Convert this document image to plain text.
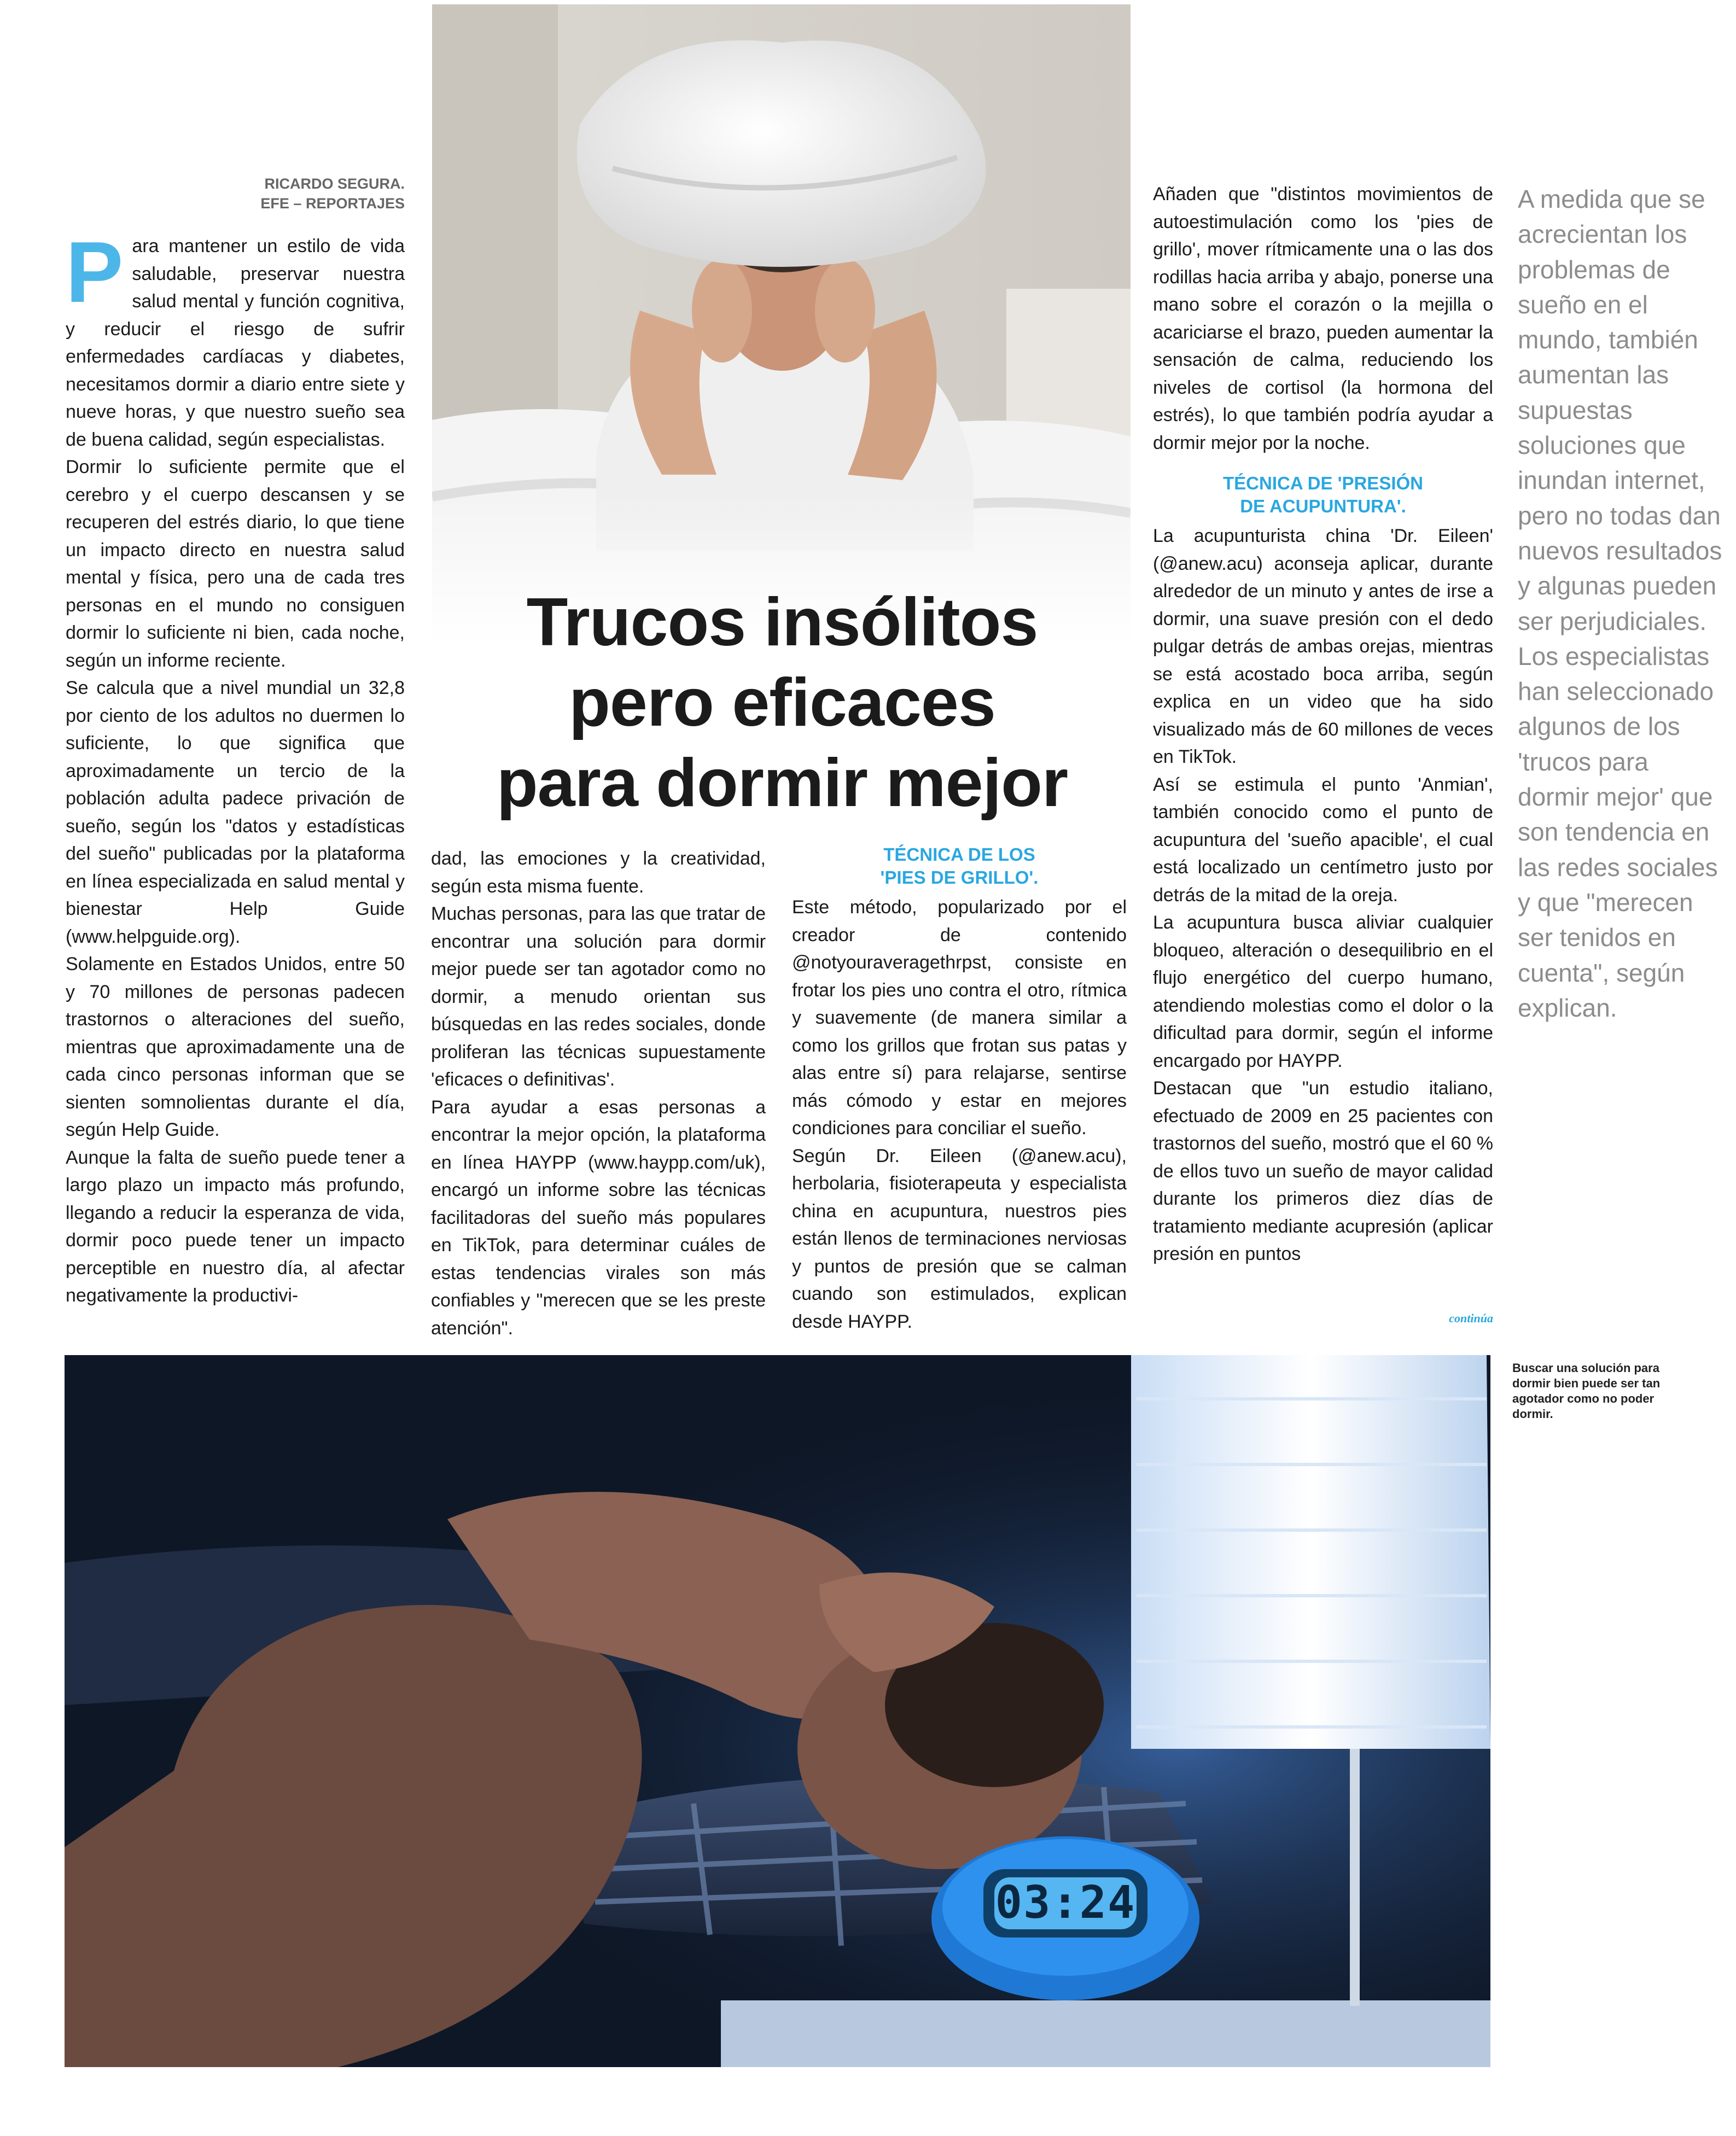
RICARDO SEGURA.
EFE – REPORTAJES
P ara mantener un estilo de vida saludable, preservar nuestra salud mental y función cognitiva, y reducir el riesgo de sufrir enfermedades cardíacas y diabetes, necesitamos dormir a diario entre siete y nueve horas, y que nuestro sueño sea de buena calidad, según especialistas.

Dormir lo suficiente permite que el cerebro y el cuerpo descansen y se recuperen del estrés diario, lo que tiene un impacto directo en nuestra salud mental y física, pero una de cada tres personas en el mundo no consiguen dormir lo suficiente ni bien, cada noche, según un informe reciente.

Se calcula que a nivel mundial un 32,8 por ciento de los adultos no duermen lo suficiente, lo que significa que aproximadamente un tercio de la población adulta padece privación de sueño, según los "datos y estadísticas del sueño" publicadas por la plataforma en línea especializada en salud mental y bienestar Help Guide (www.helpguide.org).

Solamente en Estados Unidos, entre 50 y 70 millones de personas padecen trastornos o alteraciones del sueño, mientras que aproximadamente una de cada cinco personas informan que se sienten somnolientas durante el día, según Help Guide.

Aunque la falta de sueño puede tener a largo plazo un impacto más profundo, llegando a reducir la esperanza de vida, dormir poco puede tener un impacto perceptible en nuestro día, al afectar negativamente la productivi-

Trucos insólitos
pero eficaces
para dormir mejor

dad, las emociones y la creatividad, según esta misma fuente.

Muchas personas, para las que tratar de encontrar una solución para dormir mejor puede ser tan agotador como no dormir, a menudo orientan sus búsquedas en las redes sociales, donde proliferan las técnicas supuestamente 'eficaces o definitivas'.

Para ayudar a esas personas a encontrar la mejor opción, la plataforma en línea HAYPP (www.haypp.com/uk), encargó un informe sobre las técnicas facilitadoras del sueño más populares en TikTok, para determinar cuáles de estas tendencias virales son más confiables y "merecen que se les preste atención".

TÉCNICA DE LOS
'PIES DE GRILLO'.

Este método, popularizado por el creador de contenido @notyouraveragethrpst, consiste en frotar los pies uno contra el otro, rítmica y suavemente (de manera similar a como los grillos que frotan sus patas y alas entre sí) para relajarse, sentirse más cómodo y estar en mejores condiciones para conciliar el sueño.

Según Dr. Eileen (@anew.acu), herbolaria, fisioterapeuta y especialista china en acupuntura, nuestros pies están llenos de terminaciones nerviosas y puntos de presión que se calman cuando son estimulados, explican desde HAYPP.

Añaden que "distintos movimientos de autoestimulación como los 'pies de grillo', mover rítmicamente una o las dos rodillas hacia arriba y abajo, ponerse una mano sobre el corazón o la mejilla o acariciarse el brazo, pueden aumentar la sensación de calma, reduciendo los niveles de cortisol (la hormona del estrés), lo que también podría ayudar a dormir mejor por la noche.

TÉCNICA DE 'PRESIÓN
DE ACUPUNTURA'.

La acupunturista china 'Dr. Eileen' (@anew.acu) aconseja aplicar, durante alrededor de un minuto y antes de irse a dormir, una suave presión con el dedo pulgar detrás de ambas orejas, mientras se está acostado boca arriba, según explica en un video que ha sido visualizado más de 60 millones de veces en TikTok.

Así se estimula el punto 'Anmian', también conocido como el punto de acupuntura del 'sueño apacible', el cual está localizado un centímetro justo por detrás de la mitad de la oreja.

La acupuntura busca aliviar cualquier bloqueo, alteración o desequilibrio en el flujo energético del cuerpo humano, atendiendo molestias como el dolor o la dificultad para dormir, según el informe encargado por HAYPP.

Destacan que "un estudio italiano, efectuado de 2009 en 25 pacientes con trastornos del sueño, mostró que el 60 % de ellos tuvo un sueño de mayor calidad durante los primeros diez días de tratamiento mediante acupresión (aplicar presión en puntos

continúa
A medida que se acrecientan los problemas de sueño en el mundo, también aumentan las supuestas soluciones que inundan internet, pero no todas dan nuevos resultados y algunas pueden ser perjudiciales. Los especialistas han seleccionado algunos de los 'trucos para dormir mejor' que son tendencia en las redes sociales y que "merecen ser tenidos en cuenta", según explican.
03:24
Buscar una solución para dormir bien puede ser tan agotador como no poder dormir.
